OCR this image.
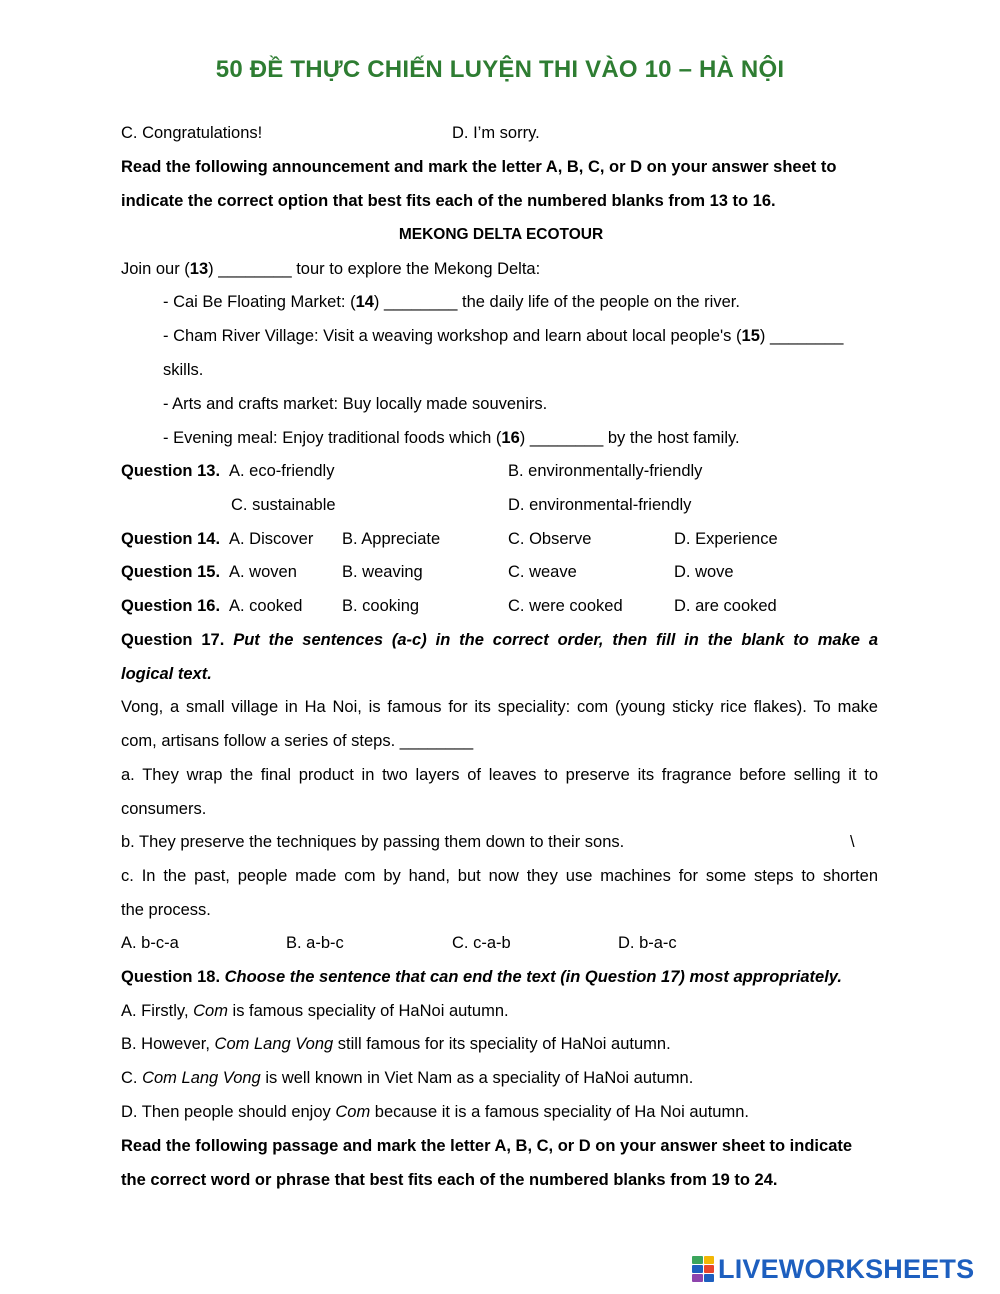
50 ĐỀ THỰC CHIẾN LUYỆN THI VÀO 10 – HÀ NỘI
C. Congratulations!	D. I’m sorry.
Read the following announcement and mark the letter A, B, C, or D on your answer sheet to
indicate the correct option that best fits each of the numbered blanks from 13 to 16.
MEKONG DELTA ECOTOUR
Join our (13) ________ tour to explore the Mekong Delta:
- Cai Be Floating Market: (14) ________ the daily life of the people on the river.
- Cham River Village: Visit a weaving workshop and learn about local people's (15) ________
skills.
- Arts and crafts market: Buy locally made souvenirs.
- Evening meal: Enjoy traditional foods which (16) ________ by the host family.
Question 13. A. eco-friendly	B. environmentally-friendly
C. sustainable	D. environmental-friendly
Question 14. A. Discover B. Appreciate	C. Observe	D. Experience
Question 15. A. woven	B. weaving	C. weave	D. wove
Question 16. A. cooked B. cooking	C. were cooked	D. are cooked
Question 17. Put the sentences (a-c) in the correct order, then fill in the blank to make a
logical text.
Vong, a small village in Ha Noi, is famous for its speciality: com (young sticky rice flakes). To make
com, artisans follow a series of steps. ________
a. They wrap the final product in two layers of leaves to preserve its fragrance before selling it to
consumers.
b. They preserve the techniques by passing them down to their sons.	\
c. In the past, people made com by hand, but now they use machines for some steps to shorten
the process.
A. b-c-a	B. a-b-c	C. c-a-b	D. b-a-c
Question 18. Choose the sentence that can end the text (in Question 17) most appropriately.
A. Firstly, Com is famous speciality of HaNoi autumn.
B. However, Com Lang Vong still famous for its speciality of HaNoi autumn.
C. Com Lang Vong is well known in Viet Nam as a speciality of HaNoi autumn.
D. Then people should enjoy Com because it is a famous speciality of Ha Noi autumn.
Read the following passage and mark the letter A, B, C, or D on your answer sheet to indicate
the correct word or phrase that best fits each of the numbered blanks from 19 to 24.
LIVEWORKSHEETS
